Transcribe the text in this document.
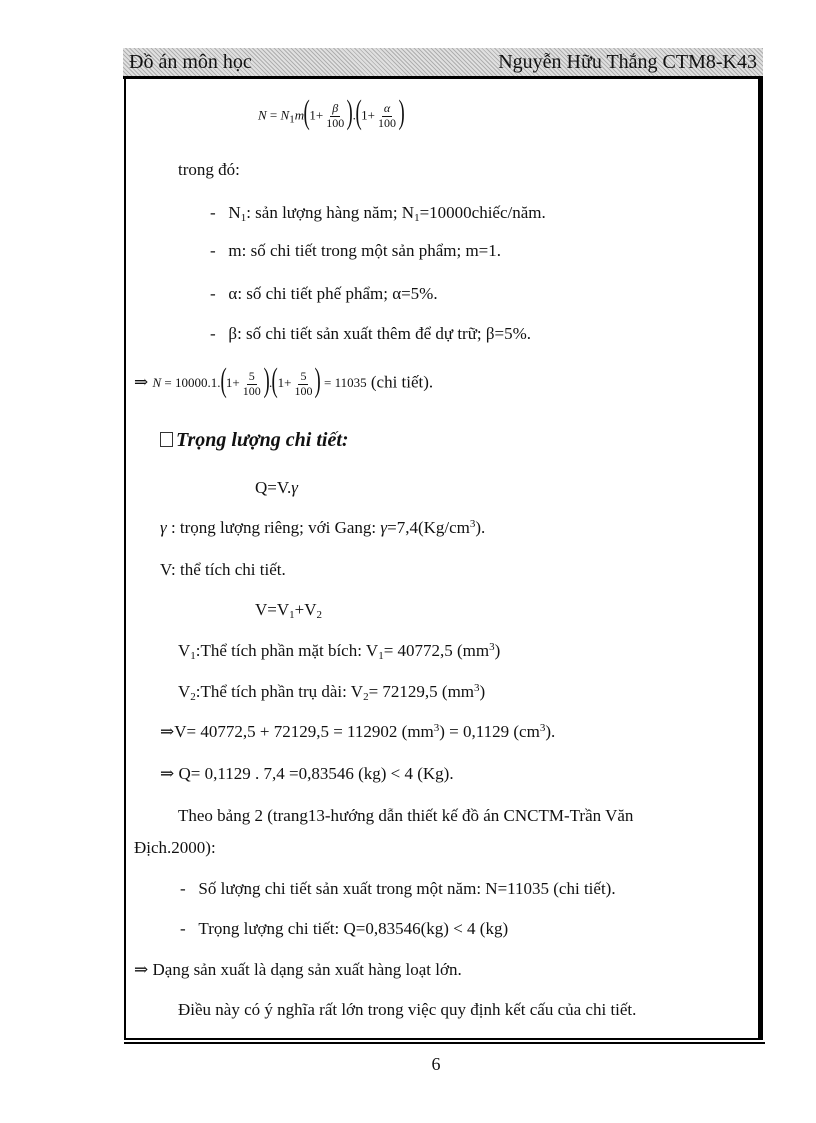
Đồ án môn học	Nguyễn Hữu Thắng CTM8-K43
$N = N_1m(1+ \frac{\beta}{100} ).(1+ \frac{\alpha}{100}$ )
trong đó:
- $N_1$: sản lượng hàng năm; $N_1=10000chiếc$/năm.
- m: số chi tiết trong một sản phẩm; m=1.
- α: số chi tiết phế phẩm; α=5%.
- β: số chi tiết sản xuất thêm để dự trữ; β=5%.
⇒ $N = 10000.1.(1+ \frac{5}{100} ).(1+ \frac{5}{100}$ ) = 11035 (chi tiết).
Trọng lượng chi tiết:
Q=V.γ
γ : trọng lượng riêng; với Gang: $\gamma=7,4(Kg/cm^3)$.
V: thể tích chi tiết.
$V=V_1+V_2$
$V_1:Thể$ tích phần mặt bích: $V_1= 40772,5$ $(mm^3)$
$V_2:Thể$ tích phần trụ dài: $V_2= 72129,5$ $(mm^3)$
⇒V= 40772,5 + 72129,5 = 112902 $(mm^3) = 0,1129$ $(cm^3)$.
⇒ Q= 0,1129 . 7,4 =0,83546 (kg) < 4 (Kg).
Theo bảng 2 (trang13-hướng dẫn thiết kế đồ án CNCTM-Trần Văn
Địch.2000):
- Số lượng chi tiết sản xuất trong một năm: N=11035 (chi tiết).
- Trọng lượng chi tiết: Q=0,83546(kg) < 4 (kg)
⇒ Dạng sản xuất là dạng sản xuất hàng loạt lớn.
Điều này có ý nghĩa rất lớn trong việc quy định kết cấu của chi tiết.
6
